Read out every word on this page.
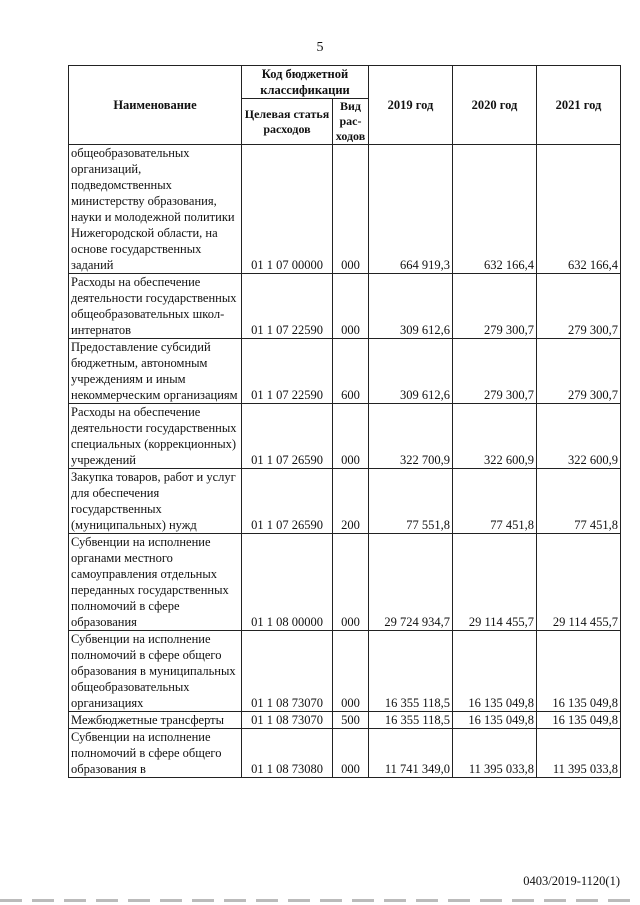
5
Наименование	Код бюджетной классификации		2019 год	2020 год	2021 год
	Целевая статья расходов	Вид рас-ходов			
общеобразовательных организаций, подведомственных министерству образования, науки и молодежной политики Нижегородской области, на основе государственных заданий	01 1 07 00000	000	664 919,3	632 166,4	632 166,4
Расходы на обеспечение деятельности государственных общеобразовательных школ-интернатов	01 1 07 22590	000	309 612,6	279 300,7	279 300,7
Предоставление субсидий бюджетным, автономным учреждениям и иным некоммерческим организациям	01 1 07 22590	600	309 612,6	279 300,7	279 300,7
Расходы на обеспечение деятельности государственных специальных (коррекционных) учреждений	01 1 07 26590	000	322 700,9	322 600,9	322 600,9
Закупка товаров, работ и услуг для обеспечения государственных (муниципальных) нужд	01 1 07 26590	200	77 551,8	77 451,8	77 451,8
Субвенции на исполнение органами местного самоуправления отдельных переданных государственных полномочий в сфере образования	01 1 08 00000	000	29 724 934,7	29 114 455,7	29 114 455,7
Субвенции на исполнение полномочий в сфере общего образования в муниципальных общеобразовательных организациях	01 1 08 73070	000	16 355 118,5	16 135 049,8	16 135 049,8
Межбюджетные трансферты	01 1 08 73070	500	16 355 118,5	16 135 049,8	16 135 049,8
Субвенции на исполнение полномочий в сфере общего образования в	01 1 08 73080	000	11 741 349,0	11 395 033,8	11 395 033,8
0403/2019-1120(1)
